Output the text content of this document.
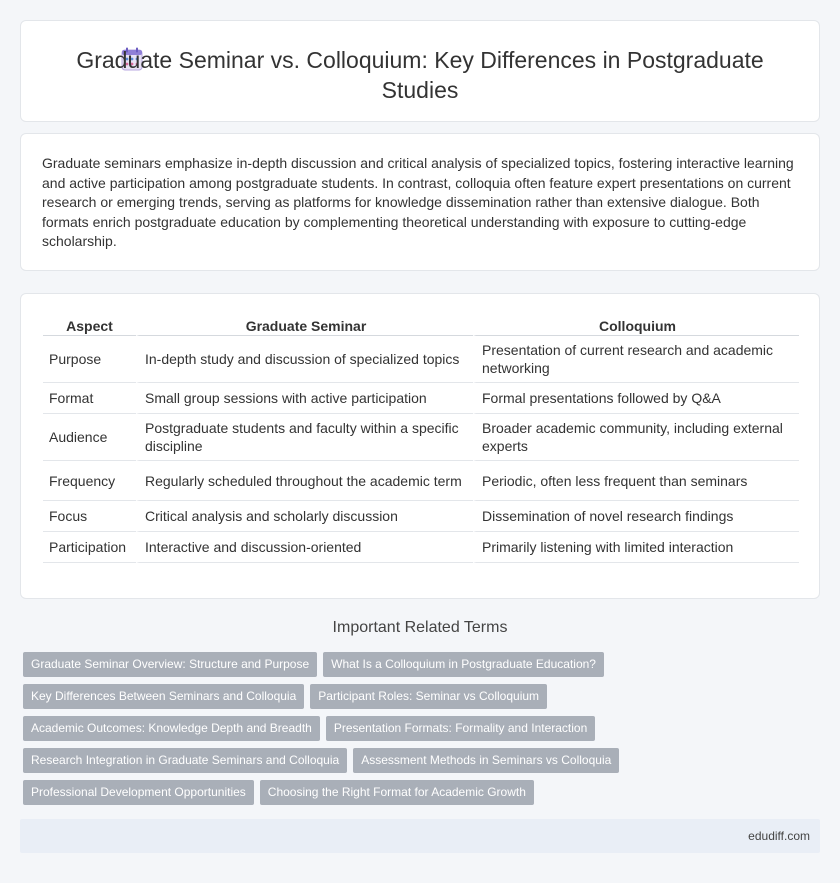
Graduate Seminar vs. Colloquium: Key Differences in Postgraduate Studies

Graduate seminars emphasize in-depth discussion and critical analysis of specialized topics, fostering interactive learning and active participation among postgraduate students. In contrast, colloquia often feature expert presentations on current research or emerging trends, serving as platforms for knowledge dissemination rather than extensive dialogue. Both formats enrich postgraduate education by complementing theoretical understanding with exposure to cutting-edge scholarship.

Aspect	Graduate Seminar	Colloquium
Purpose	In-depth study and discussion of specialized topics	Presentation of current research and academic networking
Format	Small group sessions with active participation	Formal presentations followed by Q&A
Audience	Postgraduate students and faculty within a specific discipline	Broader academic community, including external experts
Frequency	Regularly scheduled throughout the academic term	Periodic, often less frequent than seminars
Focus	Critical analysis and scholarly discussion	Dissemination of novel research findings
Participation	Interactive and discussion-oriented	Primarily listening with limited interaction
Important Related Terms
Graduate Seminar Overview: Structure and Purpose What Is a Colloquium in Postgraduate Education?
Key Differences Between Seminars and Colloquia Participant Roles: Seminar vs Colloquium
Academic Outcomes: Knowledge Depth and Breadth Presentation Formats: Formality and Interaction
Research Integration in Graduate Seminars and Colloquia Assessment Methods in Seminars vs Colloquia
Professional Development Opportunities Choosing the Right Format for Academic Growth
edudiff.com
